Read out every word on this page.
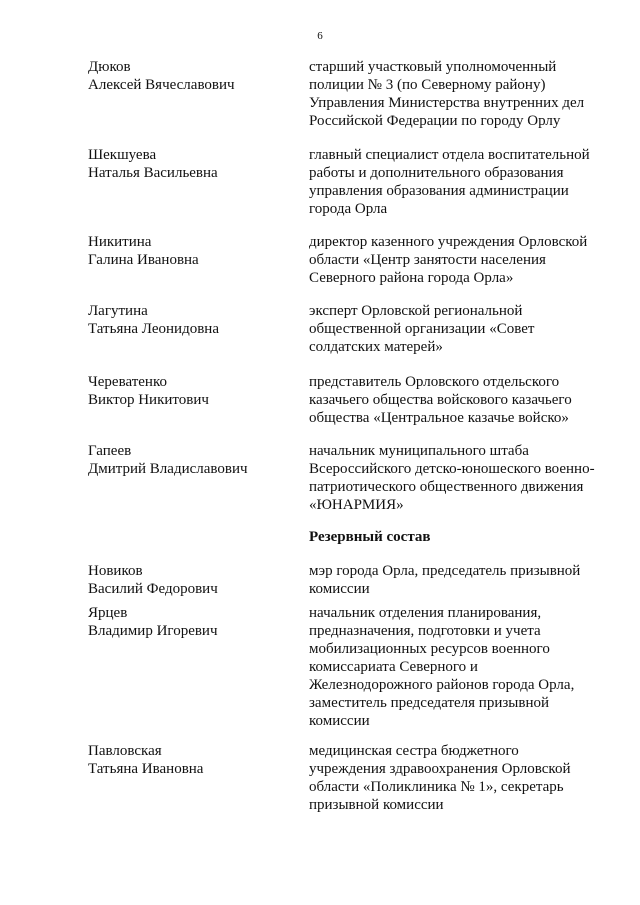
6
Дюков
Алексей Вячеславович
старший участковый уполномоченный
полиции № 3 (по Северному району)
Управления Министерства внутренних дел
Российской Федерации по городу Орлу
Шекшуева
Наталья Васильевна
главный специалист отдела воспитательной
работы и дополнительного образования
управления образования администрации
города Орла
Никитина
Галина Ивановна
директор казенного учреждения Орловской
области «Центр занятости населения
Северного района города Орла»
Лагутина
Татьяна Леонидовна
эксперт Орловской региональной
общественной организации «Совет
солдатских матерей»
Череватенко
Виктор Никитович
представитель Орловского отдельского
казачьего общества войскового казачьего
общества «Центральное казачье войско»
Гапеев
Дмитрий Владиславович
начальник муниципального штаба
Всероссийского детско-юношеского военно-
патриотического общественного движения
«ЮНАРМИЯ»
Резервный состав
Новиков
Василий Федорович
мэр города Орла, председатель призывной
комиссии
Ярцев
Владимир Игоревич
начальник отделения планирования,
предназначения, подготовки и учета
мобилизационных ресурсов военного
комиссариата Северного и
Железнодорожного районов города Орла,
заместитель председателя призывной
комиссии
Павловская
Татьяна Ивановна
медицинская сестра бюджетного
учреждения здравоохранения Орловской
области «Поликлиника № 1», секретарь
призывной комиссии
